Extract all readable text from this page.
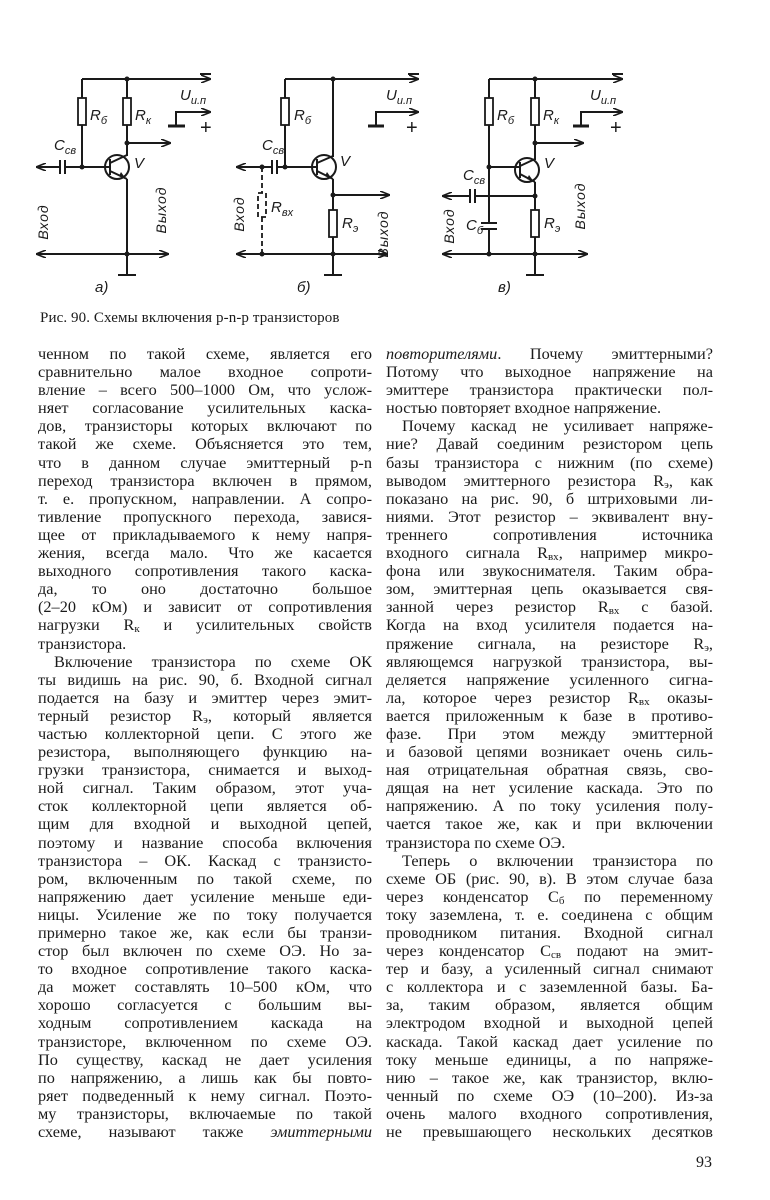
$R_б$ $R_к$
$C_{св}$
V
$U_{и.п}$
+
Вход	Выход
а)
$R_б$
$C_{св}$
V
$R_{вх}$
$R_э$
$U_{и.п}$
+
Вход	Выход
б)
$R_б$ $R_к$
$C_{св}$
$C_б$
V
$R_э$
$U_{и.п}$
+
Вход	Выход
в)
Рис. 90. Схемы включения p-n-p транзисторов
ченном по такой схеме, является его
сравнительно малое входное сопроти-
вление – всего 500–1000 Ом, что услож-
няет согласование усилительных каска-
дов, транзисторы которых включают по
такой же схеме. Объясняется это тем,
что в данном случае эмиттерный p-n
переход транзистора включен в прямом,
т. е. пропускном, направлении. А сопро-
тивление пропускного перехода, завися-
щее от прикладываемого к нему напря-
жения, всегда мало. Что же касается
выходного сопротивления такого каска-
да, то оно достаточно большое
(2–20 кОм) и зависит от сопротивления
нагрузки $R_к$ и усилительных свойств
транзистора.
Включение транзистора по схеме ОК
ты видишь на рис. 90, б. Входной сигнал
подается на базу и эмиттер через эмит-
терный резистор $R_э$, который является
частью коллекторной цепи. С этого же
резистора, выполняющего функцию на-
грузки транзистора, снимается и выход-
ной сигнал. Таким образом, этот уча-
сток коллекторной цепи является об-
щим для входной и выходной цепей,
поэтому и название способа включения
транзистора – ОК. Каскад с транзисто-
ром, включенным по такой схеме, по
напряжению дает усиление меньше еди-
ницы. Усиление же по току получается
примерно такое же, как если бы транзи-
стор был включен по схеме ОЭ. Но за-
то входное сопротивление такого каска-
да может составлять 10–500 кОм, что
хорошо согласуется с большим вы-
ходным сопротивлением каскада на
транзисторе, включенном по схеме ОЭ.
По существу, каскад не дает усиления
по напряжению, а лишь как бы повто-
ряет подведенный к нему сигнал. Поэто-
му транзисторы, включаемые по такой
схеме, называют также эмиттерными
повторителями. Почему эмиттерными?
Потому что выходное напряжение на
эмиттере транзистора практически пол-
ностью повторяет входное напряжение.
Почему каскад не усиливает напряже-
ние? Давай соединим резистором цепь
базы транзистора с нижним (по схеме)
выводом эмиттерного резистора $R_э$, как
показано на рис. 90, б штриховыми ли-
ниями. Этот резистор – эквивалент вну-
треннего сопротивления источника
входного сигнала $R_{вх}$, например микро-
фона или звукоснимателя. Таким обра-
зом, эмиттерная цепь оказывается свя-
занной через резистор $R_{вх}$ с базой.
Когда на вход усилителя подается на-
пряжение сигнала, на резисторе $R_э$,
являющемся нагрузкой транзистора, вы-
деляется напряжение усиленного сигна-
ла, которое через резистор $R_{вх}$ оказы-
вается приложенным к базе в противо-
фазе. При этом между эмиттерной
и базовой цепями возникает очень силь-
ная отрицательная обратная связь, сво-
дящая на нет усиление каскада. Это по
напряжению. А по току усиления полу-
чается такое же, как и при включении
транзистора по схеме ОЭ.
Теперь о включении транзистора по
схеме ОБ (рис. 90, в). В этом случае база
через конденсатор $С_б$ по переменному
току заземлена, т. е. соединена с общим
проводником питания. Входной сигнал
через конденсатор $С_{св}$ подают на эмит-
тер и базу, а усиленный сигнал снимают
с коллектора и с заземленной базы. Ба-
за, таким образом, является общим
электродом входной и выходной цепей
каскада. Такой каскад дает усиление по
току меньше единицы, а по напряже-
нию – такое же, как транзистор, вклю-
ченный по схеме ОЭ (10–200). Из-за
очень малого входного сопротивления,
не превышающего нескольких десятков
93
